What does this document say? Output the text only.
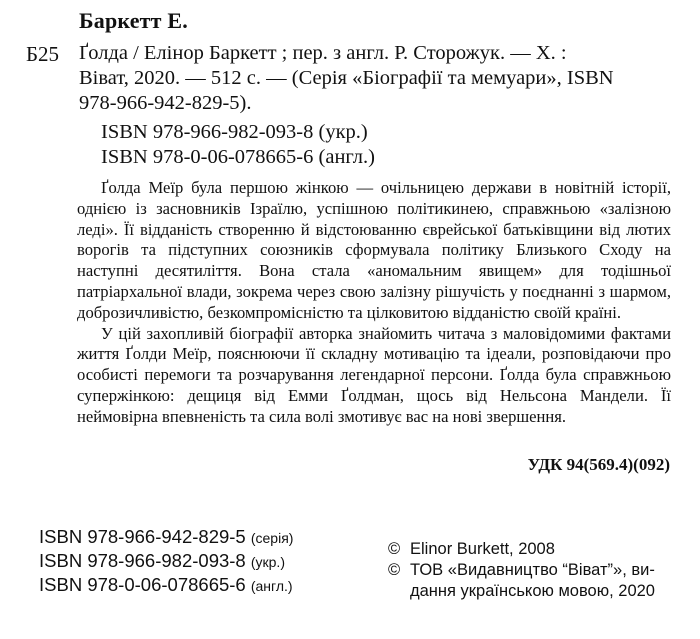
Баркетт Е.
Б25 Ґолда / Елінор Баркетт ; пер. з англ. Р. Сторожук. — Х. :
Віват, 2020. — 512 с. — (Серія «Біографії та мемуари», ISBN
978-966-942-829-5).
ISBN 978-966-982-093-8 (укр.)
ISBN 978-0-06-078665-6 (англ.)

Ґолда Меїр була першою жінкою — очільницею держави в новітній історії, однією із засновників Ізраїлю, успішною політикинею, справжньою «залізною леді». Її відданість створенню й відстоюванню єврейської батьківщини від лютих ворогів та підступних союзників сформувала політику Близького Сходу на наступні десятиліття. Вона стала «аномальним явищем» для тодішньої патріархальної влади, зокрема через свою залізну рішучість у поєднанні з шармом, доброзичливістю, безкомпромісністю та цілковитою відданістю своїй країні.

У цій захопливій біографії авторка знайомить читача з маловідомими фактами життя Ґолди Меїр, пояснюючи її складну мотивацію та ідеали, розповідаючи про особисті перемоги та розчарування легендарної персони. Ґолда була справжньою супержінкою: дещиця від Емми Ґолдман, щось від Нельсона Мандели. Її неймовірна впевненість та сила волі змотивує вас на нові звершення.

УДК 94(569.4)(092)
ISBN 978-966-942-829-5 (серія)
ISBN 978-966-982-093-8 (укр.)
ISBN 978-0-06-078665-6 (англ.)
© Elinor Burkett, 2008
© ТОВ «Видавництво “Віват”», ви-
дання українською мовою, 2020
